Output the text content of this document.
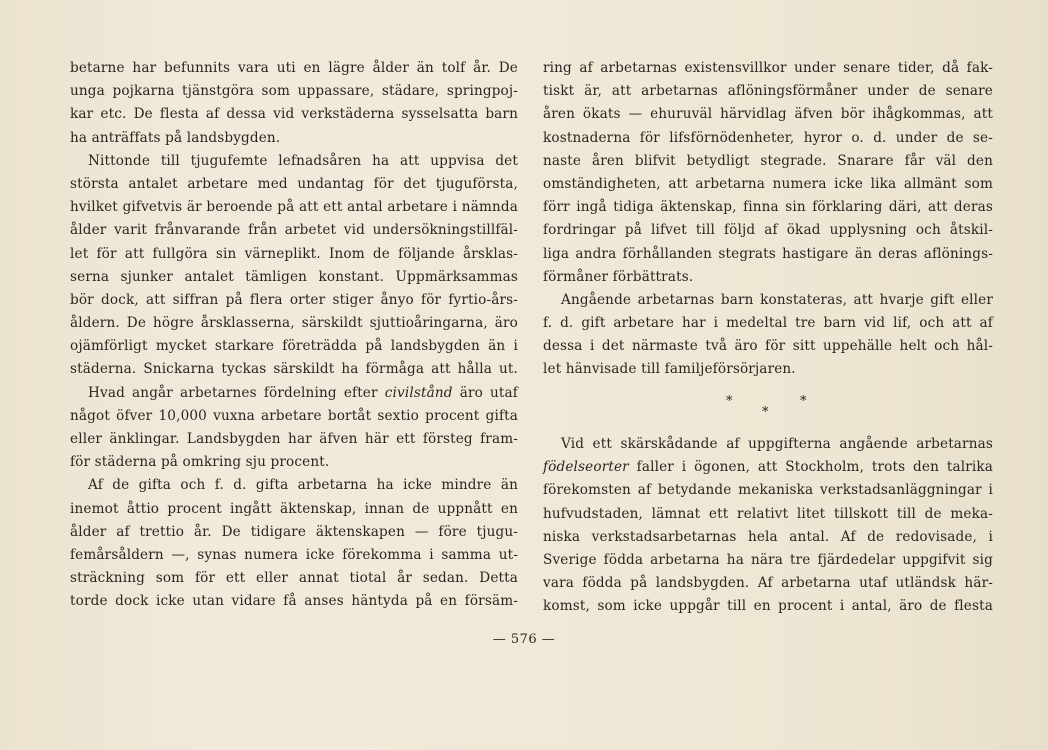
betarne har befunnits vara uti en lägre ålder än tolf år. De
unga pojkarna tjänstgöra som uppassare, städare, springpoj-
kar etc. De flesta af dessa vid verkstäderna sysselsatta barn
ha anträffats på landsbygden.
Nittonde till tjugufemte lefnadsåren ha att uppvisa det
största antalet arbetare med undantag för det tjuguförsta,
hvilket gifvetvis är beroende på att ett antal arbetare i nämnda
ålder varit frånvarande från arbetet vid undersökningstillfäl-
let för att fullgöra sin värneplikt. Inom de följande årsklas-
serna sjunker antalet tämligen konstant. Uppmärksammas
bör dock, att siffran på flera orter stiger ånyo för fyrtio-års-
åldern. De högre årsklasserna, särskildt sjuttioåringarna, äro
ojämförligt mycket starkare företrädda på landsbygden än i
städerna. Snickarna tyckas särskildt ha förmåga att hålla ut.
Hvad angår arbetarnes fördelning efter civilstånd äro utaf
något öfver 10,000 vuxna arbetare bortåt sextio procent gifta
eller änklingar. Landsbygden har äfven här ett försteg fram-
för städerna på omkring sju procent.
Af de gifta och f. d. gifta arbetarna ha icke mindre än
inemot åttio procent ingått äktenskap, innan de uppnått en
ålder af trettio år. De tidigare äktenskapen — före tjugu-
femårsåldern —, synas numera icke förekomma i samma ut-
sträckning som för ett eller annat tiotal år sedan. Detta
torde dock icke utan vidare få anses häntyda på en försäm-
ring af arbetarnas existensvillkor under senare tider, då fak-
tiskt är, att arbetarnas aflöningsförmåner under de senare
åren ökats — ehuruväl härvidlag äfven bör ihågkommas, att
kostnaderna för lifsförnödenheter, hyror o. d. under de se-
naste åren blifvit betydligt stegrade. Snarare får väl den
omständigheten, att arbetarna numera icke lika allmänt som
förr ingå tidiga äktenskap, finna sin förklaring däri, att deras
fordringar på lifvet till följd af ökad upplysning och åtskil-
liga andra förhållanden stegrats hastigare än deras aflönings-
förmåner förbättrats.
Angående arbetarnas barn konstateras, att hvarje gift eller
f. d. gift arbetare har i medeltal tre barn vid lif, och att af
dessa i det närmaste två äro för sitt uppehälle helt och hål-
let hänvisade till familjeförsörjaren.
*
*
*
Vid ett skärskådande af uppgifterna angående arbetarnas
födelseorter faller i ögonen, att Stockholm, trots den talrika
förekomsten af betydande mekaniska verkstadsanläggningar i
hufvudstaden, lämnat ett relativt litet tillskott till de meka-
niska verkstadsarbetarnas hela antal. Af de redovisade, i
Sverige födda arbetarna ha nära tre fjärdedelar uppgifvit sig
vara födda på landsbygden. Af arbetarna utaf utländsk här-
komst, som icke uppgår till en procent i antal, äro de flesta
— 576 —
